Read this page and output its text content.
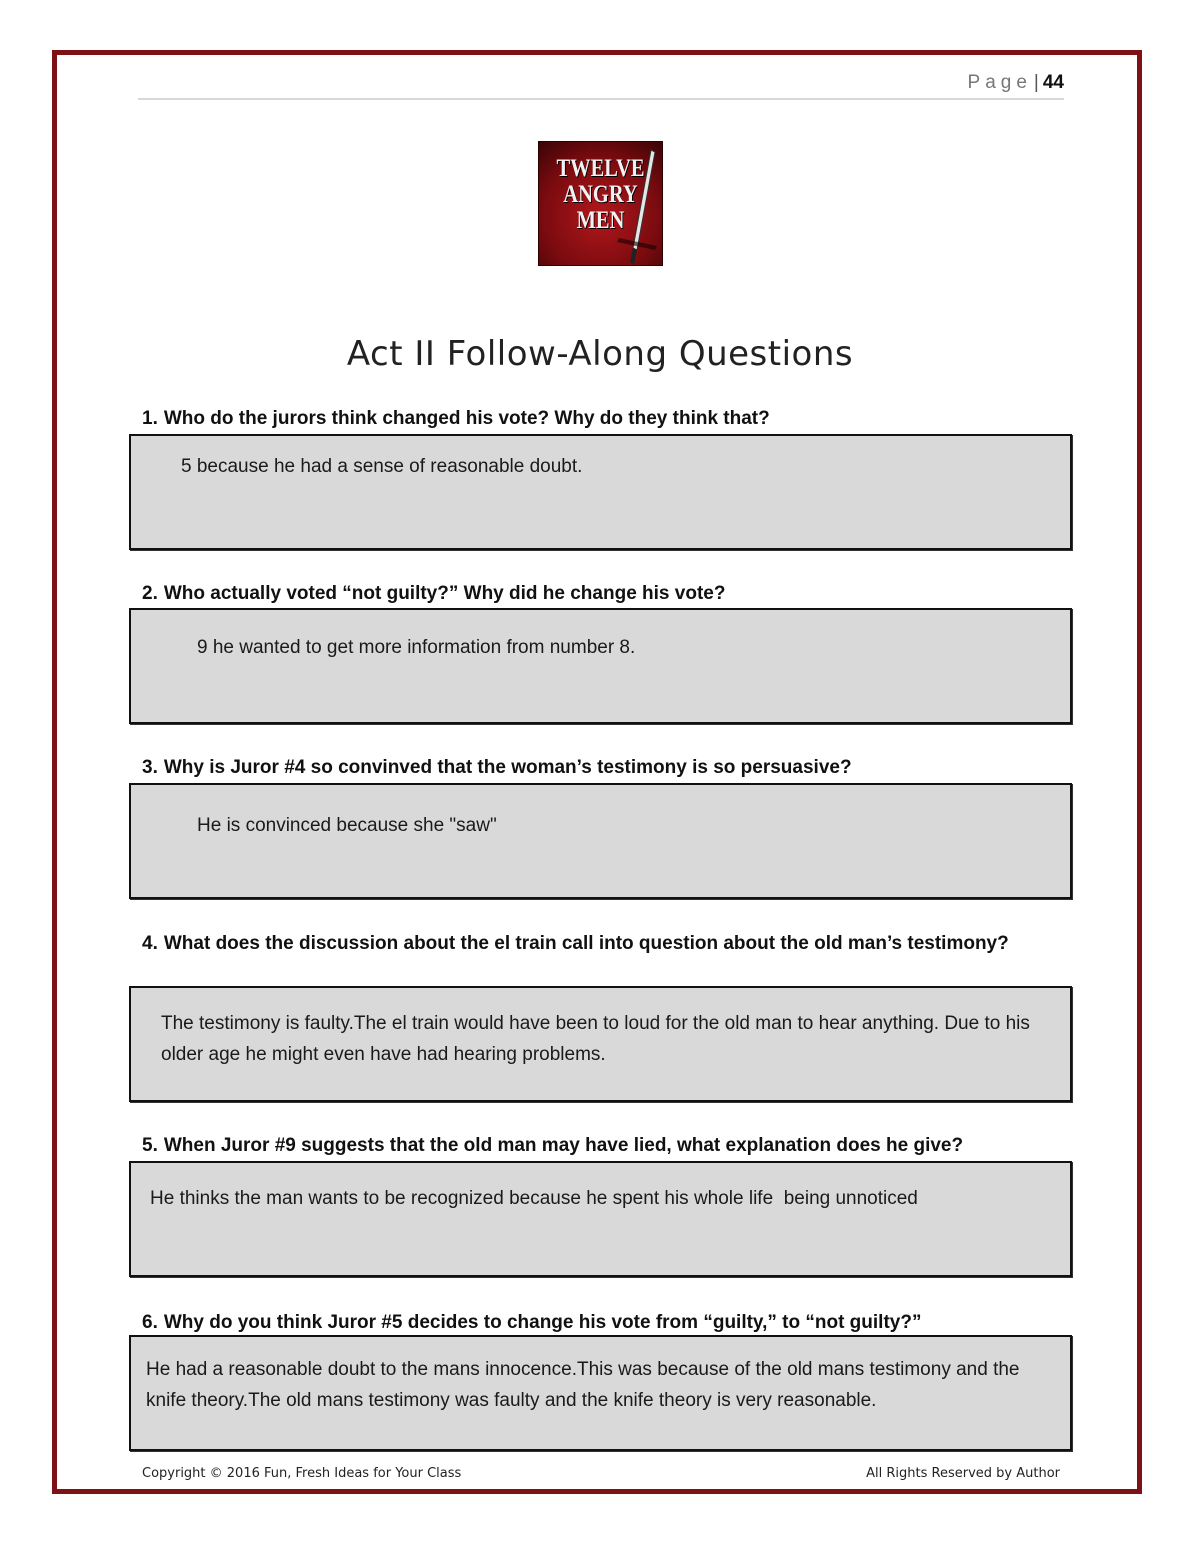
Page | 44
TWELVE
ANGRY
MEN
Act II Follow-Along Questions
1. Who do the jurors think changed his vote? Why do they think that?
5 because he had a sense of reasonable doubt.
2. Who actually voted “not guilty?” Why did he change his vote?
9 he wanted to get more information from number 8.
3. Why is Juror #4 so convinved that the woman’s testimony is so persuasive?
He is convinced because she "saw"
4. What does the discussion about the el train call into question about the old man’s testimony?
The testimony is faulty.The el train would have been to loud for the old man to hear anything. Due to his older age he might even have had hearing problems.
5. When Juror #9 suggests that the old man may have lied, what explanation does he give?
He thinks the man wants to be recognized because he spent his whole life  being unnoticed
6. Why do you think Juror #5 decides to change his vote from “guilty,” to “not guilty?”
He had a reasonable doubt to the mans innocence.This was because of the old mans testimony and the knife theory.The old mans testimony was faulty and the knife theory is very reasonable.
Copyright © 2016 Fun, Fresh Ideas for Your Class	All Rights Reserved by Author
